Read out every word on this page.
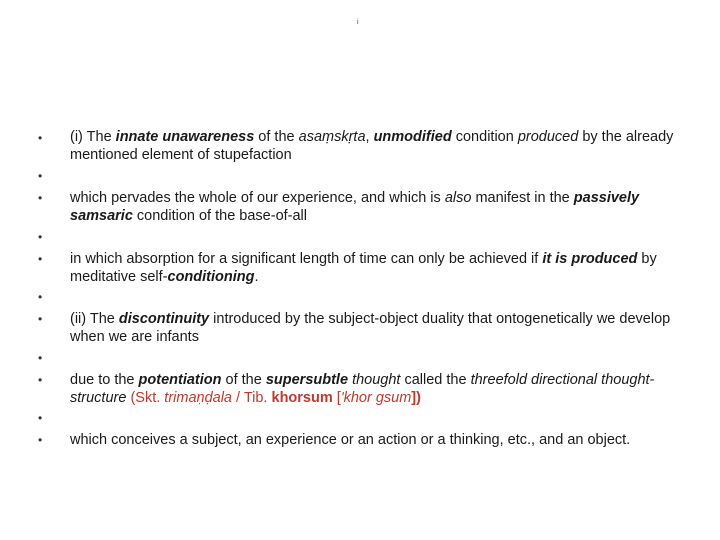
i
•
•
•
•
•
•
•
•
•
•
•
(i) The innate unawareness of the asaṃskṛta, unmodified condition produced by the already mentioned element of stupefaction
which pervades the whole of our experience, and which is also manifest in the passively samsaric condition of the base-of-all
in which absorption for a significant length of time can only be achieved if it is produced by meditative self-conditioning.
(ii) The discontinuity introduced by the subject-object duality that ontogenetically we develop when we are infants
due to the potentiation of the supersubtle thought called the threefold directional thought-structure (Skt. trimaṇḍala / Tib. khorsum ['khor gsum])
which conceives a subject, an experience or an action or a thinking, etc., and an object.
